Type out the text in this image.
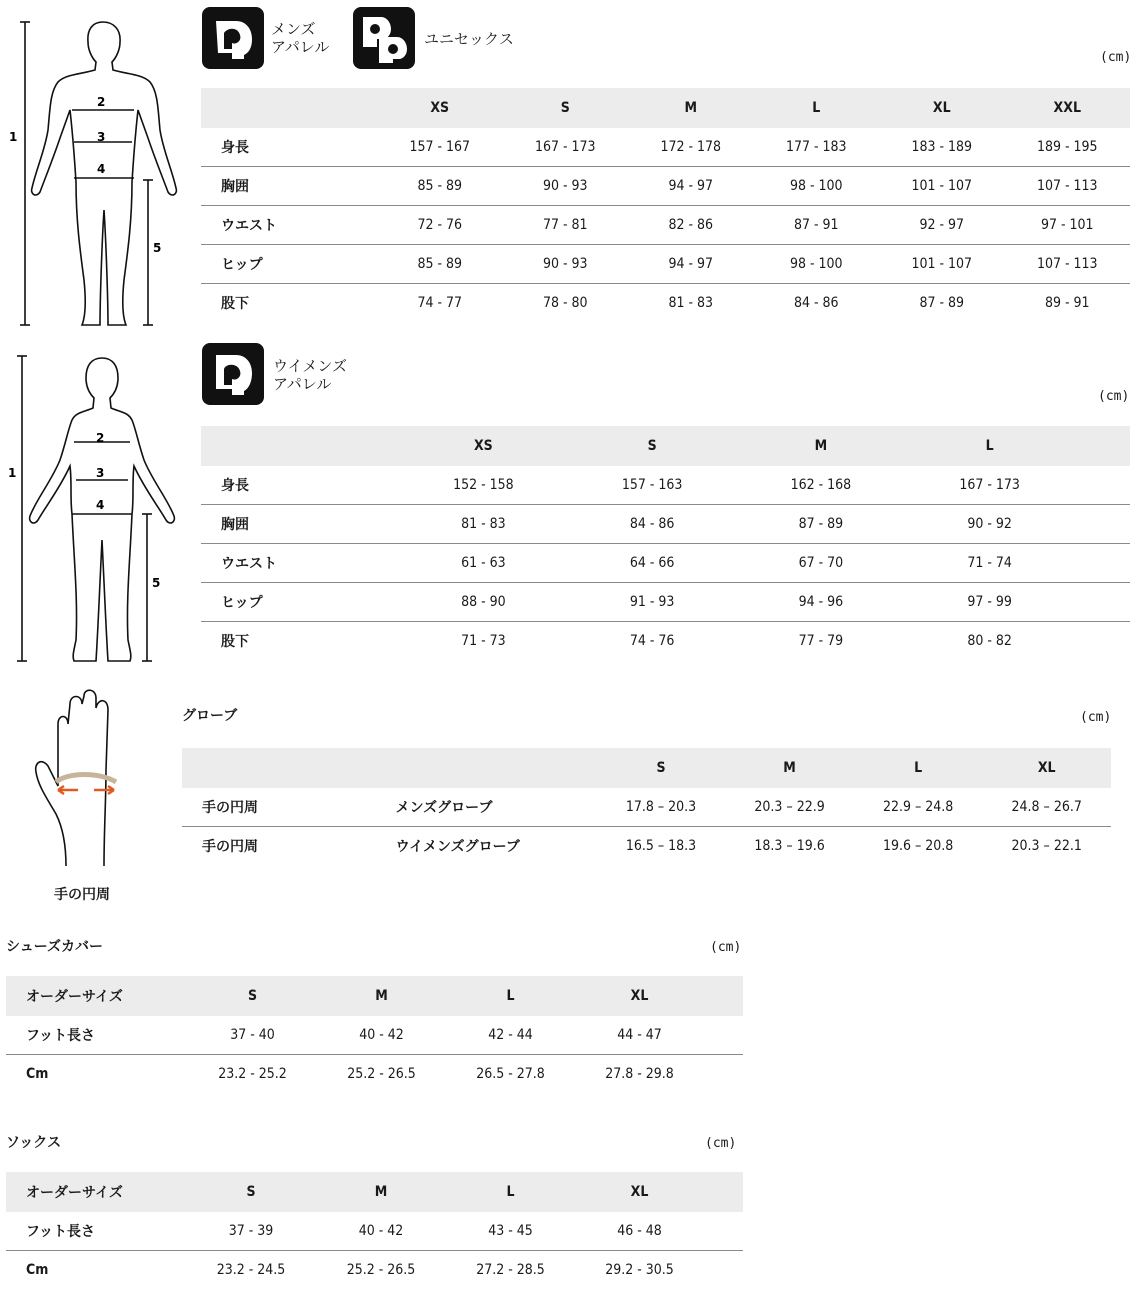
1
2
3
4
5
メンズ
アパレル	ユニセックス
(cm)
	XS	S	M	L	XL	XXL
身長	157 - 167	167 - 173	172 - 178	177 - 183	183 - 189	189 - 195
胸囲	85 - 89	90 - 93	94 - 97	98 - 100	101 - 107	107 - 113
ウエスト	72 - 76	77 - 81	82 - 86	87 - 91	92 - 97	97 - 101
ヒップ	85 - 89	90 - 93	94 - 97	98 - 100	101 - 107	107 - 113
股下	74 - 77	78 - 80	81 - 83	84 - 86	87 - 89	89 - 91
1
2
3
4
5
ウイメンズ
アパレル
(cm)
	XS	S	M	L	
身長	152 - 158	157 - 163	162 - 168	167 - 173	
胸囲	81 - 83	84 - 86	87 - 89	90 - 92	
ウエスト	61 - 63	64 - 66	67 - 70	71 - 74	
ヒップ	88 - 90	91 - 93	94 - 96	97 - 99	
股下	71 - 73	74 - 76	77 - 79	80 - 82	
手の円周
グローブ	(cm)
		S	M	L	XL
手の円周	メンズグローブ	17.8 – 20.3	20.3 – 22.9	22.9 – 24.8	24.8 – 26.7
手の円周	ウイメンズグローブ	16.5 – 18.3	18.3 – 19.6	19.6 – 20.8	20.3 – 22.1
シューズカバー	(cm)
オーダーサイズ	S	M	L	XL	
フット長さ	37 - 40	40 - 42	42 - 44	44 - 47	
Cm	23.2 - 25.2	25.2 - 26.5	26.5 - 27.8	27.8 - 29.8	
ソックス	(cm)
オーダーサイズ	S	M	L	XL	
フット長さ	37 - 39	40 - 42	43 - 45	46 - 48	
Cm	23.2 - 24.5	25.2 - 26.5	27.2 - 28.5	29.2 - 30.5	
